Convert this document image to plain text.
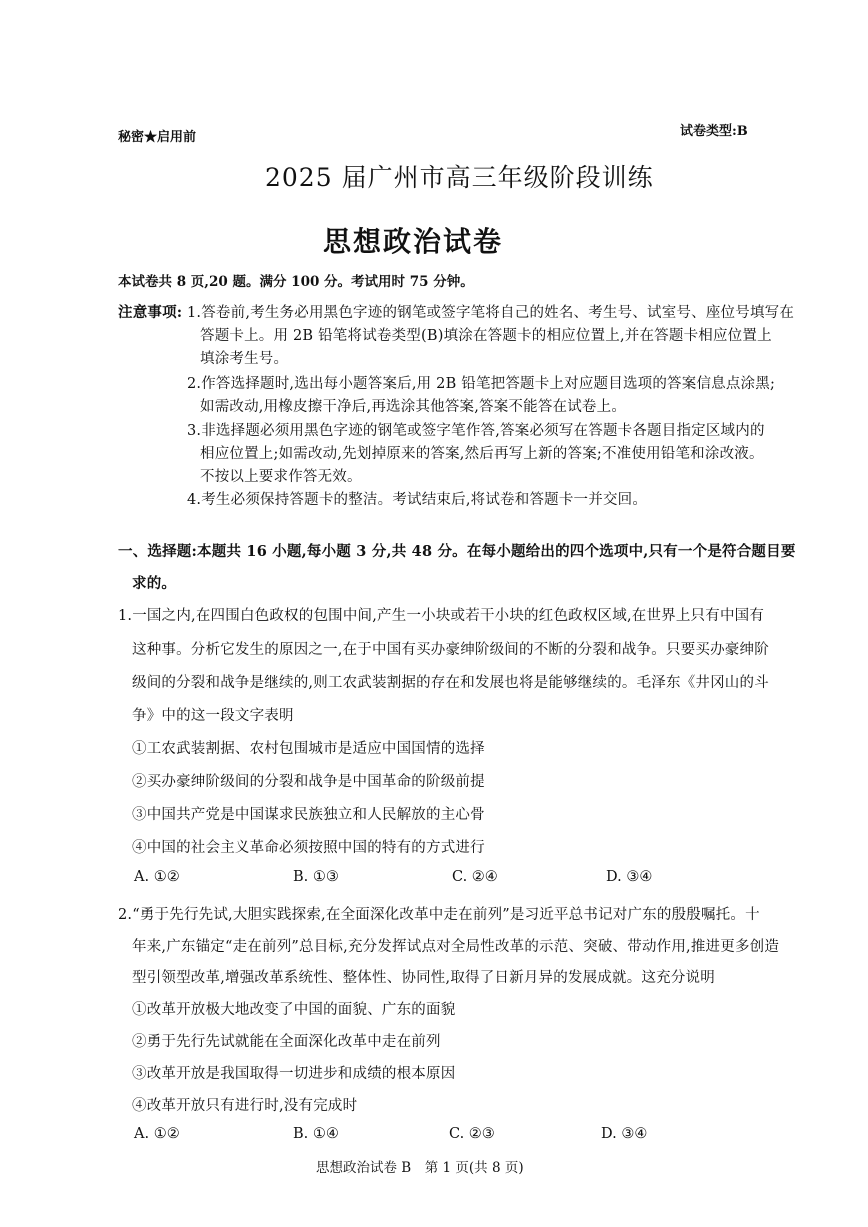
秘密★启用前	试卷类型:B
2025 届广州市高三年级阶段训练
思想政治试卷
本试卷共 8 页,20 题。满分 100 分。考试用时 75 分钟。
注意事项: 1.答卷前,考生务必用黑色字迹的钢笔或签字笔将自己的姓名、考生号、试室号、座位号填写在
答题卡上。用 2B 铅笔将试卷类型(B)填涂在答题卡的相应位置上,并在答题卡相应位置上
填涂考生号。
2.作答选择题时,选出每小题答案后,用 2B 铅笔把答题卡上对应题目选项的答案信息点涂黑;
如需改动,用橡皮擦干净后,再选涂其他答案,答案不能答在试卷上。
3.非选择题必须用黑色字迹的钢笔或签字笔作答,答案必须写在答题卡各题目指定区域内的
相应位置上;如需改动,先划掉原来的答案,然后再写上新的答案;不准使用铅笔和涂改液。
不按以上要求作答无效。
4.考生必须保持答题卡的整洁。考试结束后,将试卷和答题卡一并交回。
一、选择题:本题共 16 小题,每小题 3 分,共 48 分。在每小题给出的四个选项中,只有一个是符合题目要
求的。
1.一国之内,在四围白色政权的包围中间,产生一小块或若干小块的红色政权区域,在世界上只有中国有
这种事。分析它发生的原因之一,在于中国有买办豪绅阶级间的不断的分裂和战争。只要买办豪绅阶
级间的分裂和战争是继续的,则工农武装割据的存在和发展也将是能够继续的。毛泽东《井冈山的斗
争》中的这一段文字表明
①工农武装割据、农村包围城市是适应中国国情的选择
②买办豪绅阶级间的分裂和战争是中国革命的阶级前提
③中国共产党是中国谋求民族独立和人民解放的主心骨
④中国的社会主义革命必须按照中国的特有的方式进行
A. ①②	B. ①③	C. ②④	D. ③④
2.“勇于先行先试,大胆实践探索,在全面深化改革中走在前列”是习近平总书记对广东的殷殷嘱托。十
年来,广东锚定“走在前列”总目标,充分发挥试点对全局性改革的示范、突破、带动作用,推进更多创造
型引领型改革,增强改革系统性、整体性、协同性,取得了日新月异的发展成就。这充分说明
①改革开放极大地改变了中国的面貌、广东的面貌
②勇于先行先试就能在全面深化改革中走在前列
③改革开放是我国取得一切进步和成绩的根本原因
④改革开放只有进行时,没有完成时
A. ①②	B. ①④	C. ②③	D. ③④
思想政治试卷 B　第 1 页(共 8 页)
